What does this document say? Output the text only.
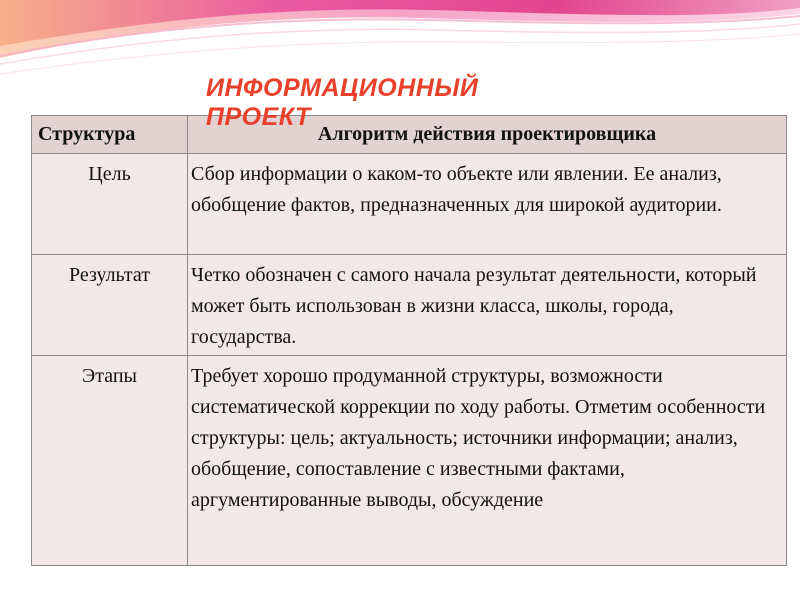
ИНФОРМАЦИОННЫЙ ПРОЕКТ
Структура	Алгоритм действия проектировщика
Цель	Сбор информации о каком-то объекте или явлении. Ее анализ, обобщение фактов, предназначенных для широкой аудитории.
Результат	Четко обозначен с самого начала результат деятельности, который может быть использован в жизни класса, школы, города, государства.
Этапы	Требует хорошо продуманной структуры, возможности систематической коррекции по ходу работы. Отметим особенности структуры: цель; актуальность; источники информации; анализ, обобщение, сопоставление с известными фактами, аргументированные выводы, обсуждение
